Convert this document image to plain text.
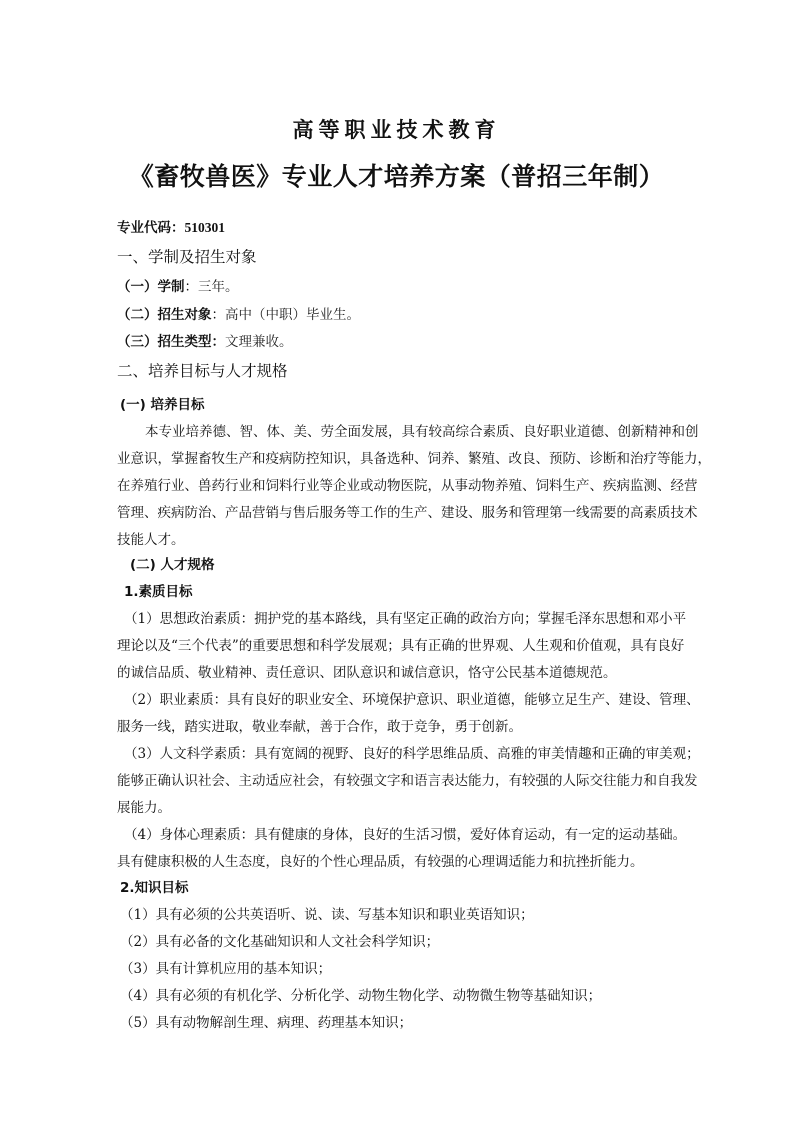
高等职业技术教育
《畜牧兽医》专业人才培养方案（普招三年制）
专业代码：510301
一、学制及招生对象
（一）学制：三年。
（二）招生对象：高中（中职）毕业生。
（三）招生类型：文理兼收。
二、培养目标与人才规格
(一) 培养目标
本专业培养德、智、体、美、劳全面发展，具有较高综合素质、良好职业道德、创新精神和创
业意识，掌握畜牧生产和疫病防控知识，具备选种、饲养、繁殖、改良、预防、诊断和治疗等能力，
在养殖行业、兽药行业和饲料行业等企业或动物医院，从事动物养殖、饲料生产、疾病监测、经营
管理、疾病防治、产品营销与售后服务等工作的生产、建设、服务和管理第一线需要的高素质技术
技能人才。
(二) 人才规格
1.素质目标
（1）思想政治素质：拥护党的基本路线，具有坚定正确的政治方向；掌握毛泽东思想和邓小平
理论以及“三个代表”的重要思想和科学发展观；具有正确的世界观、人生观和价值观，具有良好
的诚信品质、敬业精神、责任意识、团队意识和诚信意识，恪守公民基本道德规范。
（2）职业素质：具有良好的职业安全、环境保护意识、职业道德，能够立足生产、建设、管理、
服务一线，踏实进取，敬业奉献，善于合作，敢于竞争，勇于创新。
（3）人文科学素质：具有宽阔的视野、良好的科学思维品质、高雅的审美情趣和正确的审美观；
能够正确认识社会、主动适应社会，有较强文字和语言表达能力，有较强的人际交往能力和自我发
展能力。
（4）身体心理素质：具有健康的身体，良好的生活习惯，爱好体育运动，有一定的运动基础。
具有健康积极的人生态度，良好的个性心理品质，有较强的心理调适能力和抗挫折能力。
2.知识目标
（1）具有必须的公共英语听、说、读、写基本知识和职业英语知识；
（2）具有必备的文化基础知识和人文社会科学知识；
（3）具有计算机应用的基本知识；
（4）具有必须的有机化学、分析化学、动物生物化学、动物微生物等基础知识；
（5）具有动物解剖生理、病理、药理基本知识；
